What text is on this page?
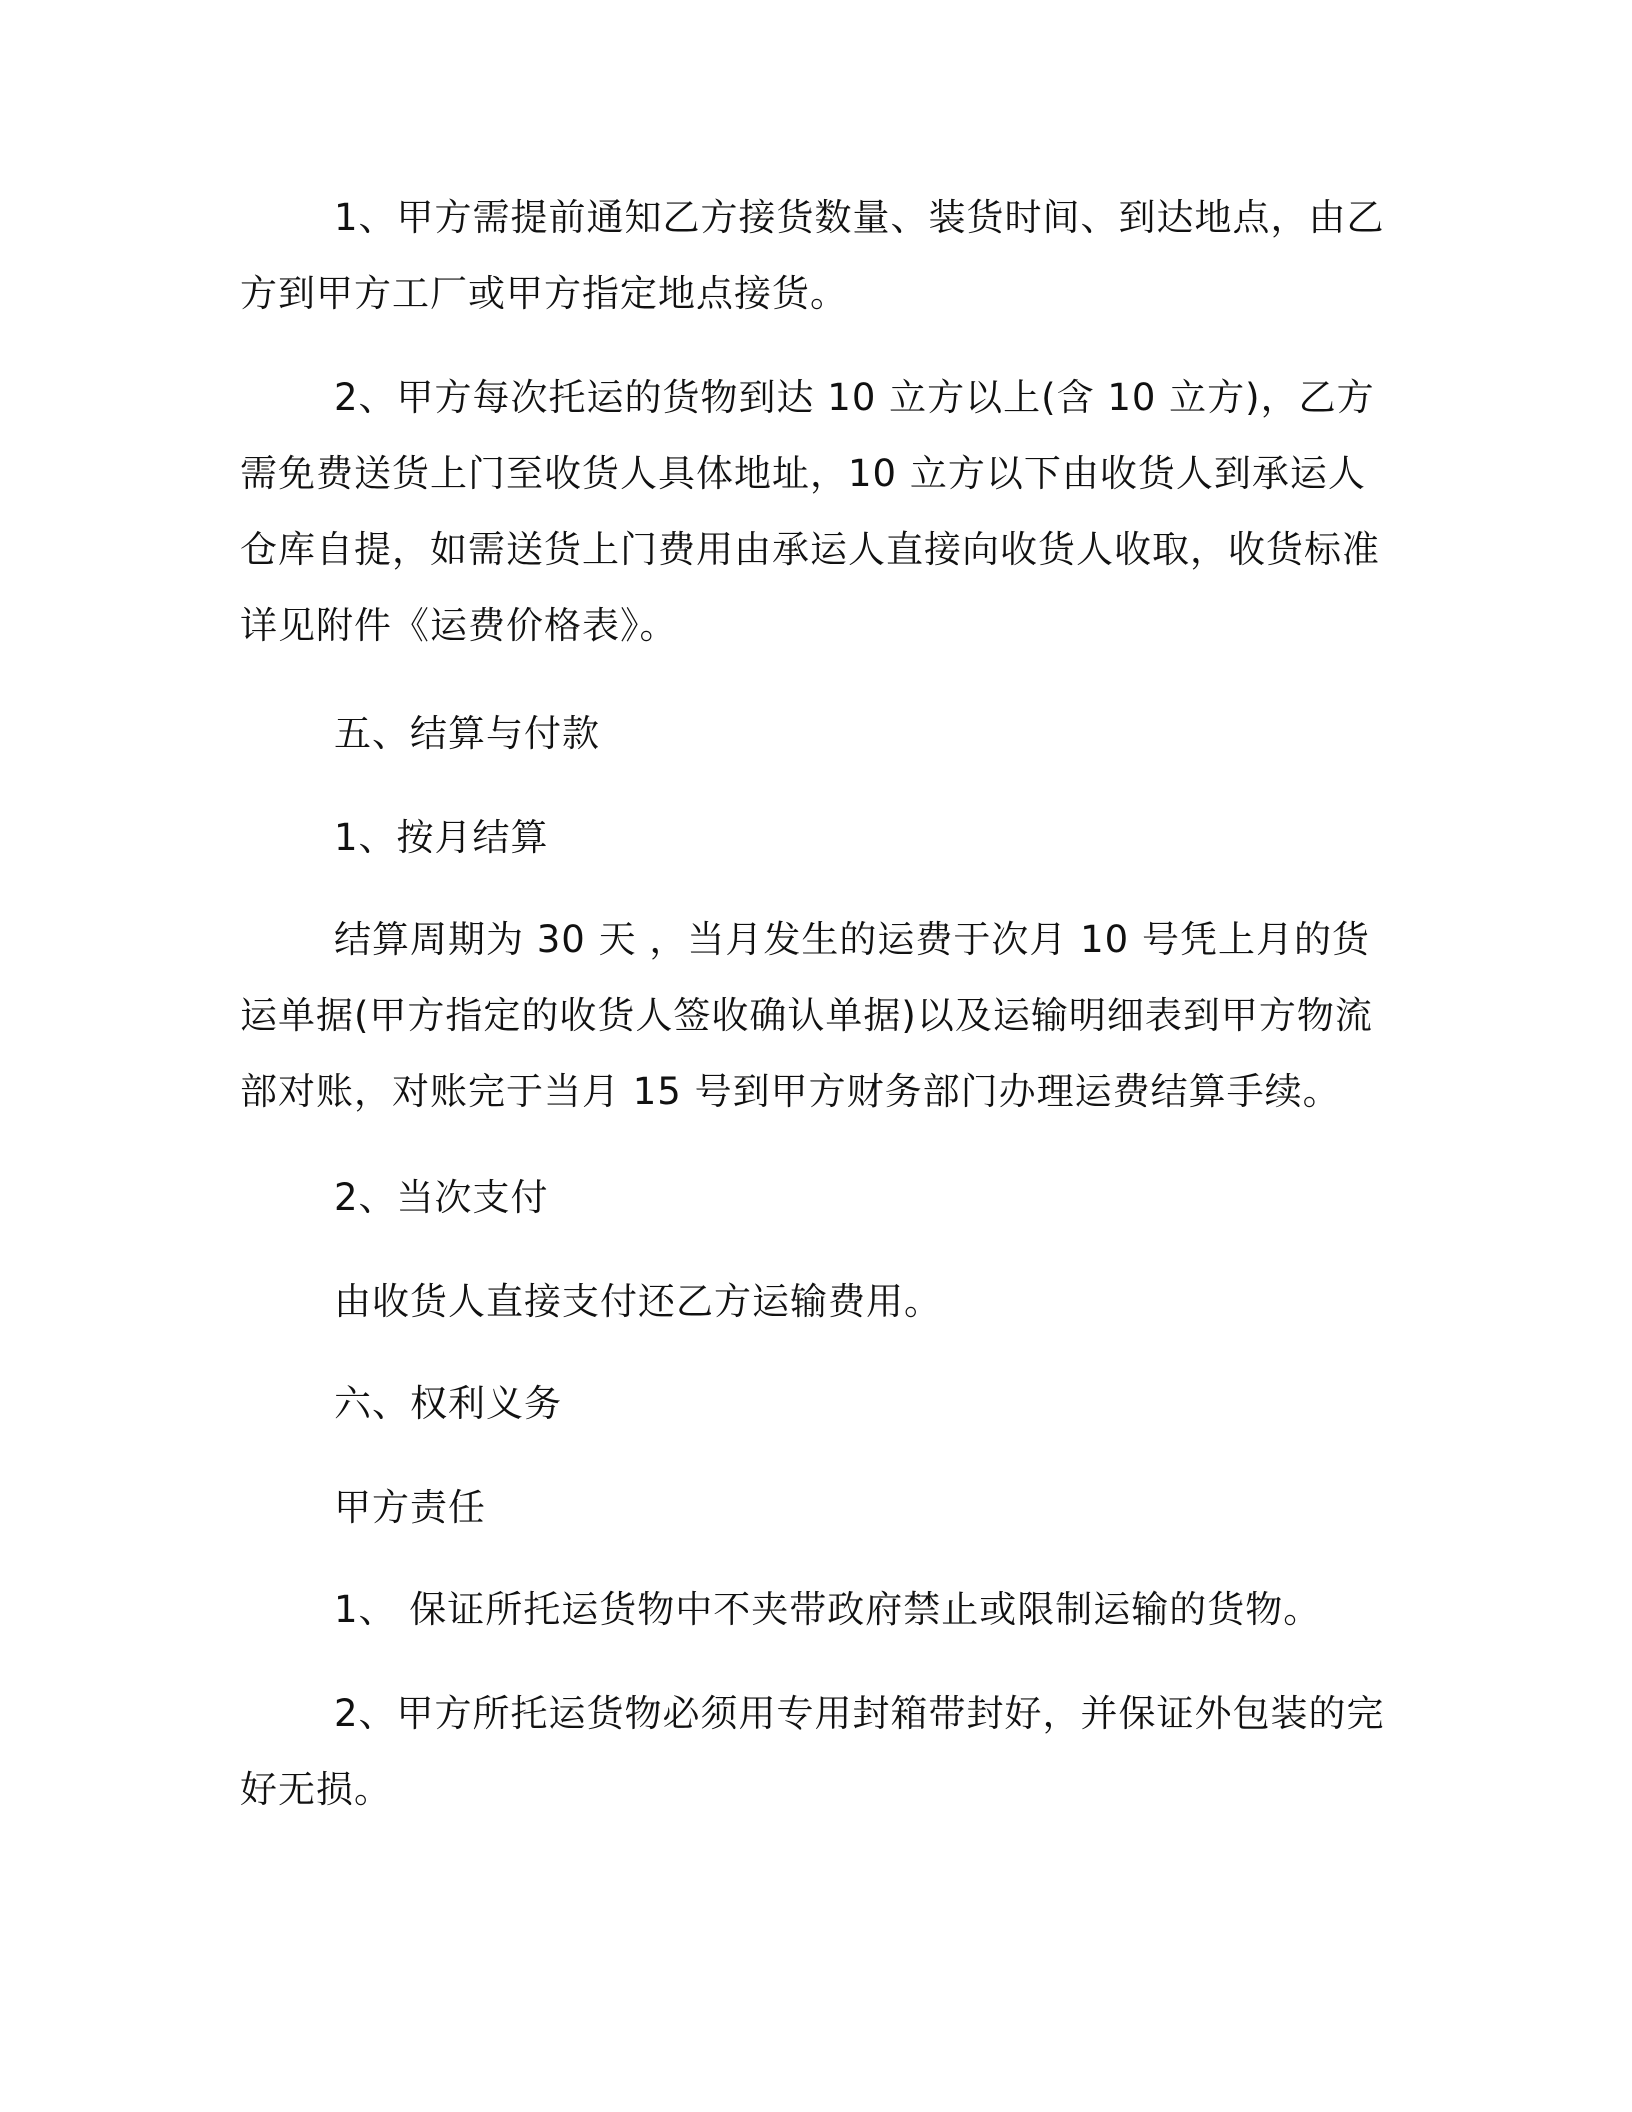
1、甲方需提前通知乙方接货数量、装货时间、到达地点，由乙方到甲方工厂或甲方指定地点接货。

2、甲方每次托运的货物到达 10 立方以上(含 10 立方)，乙方需免费送货上门至收货人具体地址，10 立方以下由收货人到承运人仓库自提，如需送货上门费用由承运人直接向收货人收取，收货标准详见附件《运费价格表》。

五、结算与付款

1、按月结算

结算周期为 30 天 ，当月发生的运费于次月 10 号凭上月的货运单据(甲方指定的收货人签收确认单据)以及运输明细表到甲方物流部对账，对账完于当月 15 号到甲方财务部门办理运费结算手续。

2、当次支付

由收货人直接支付还乙方运输费用。

六、权利义务

甲方责任

1、 保证所托运货物中不夹带政府禁止或限制运输的货物。

2、甲方所托运货物必须用专用封箱带封好，并保证外包装的完好无损。
